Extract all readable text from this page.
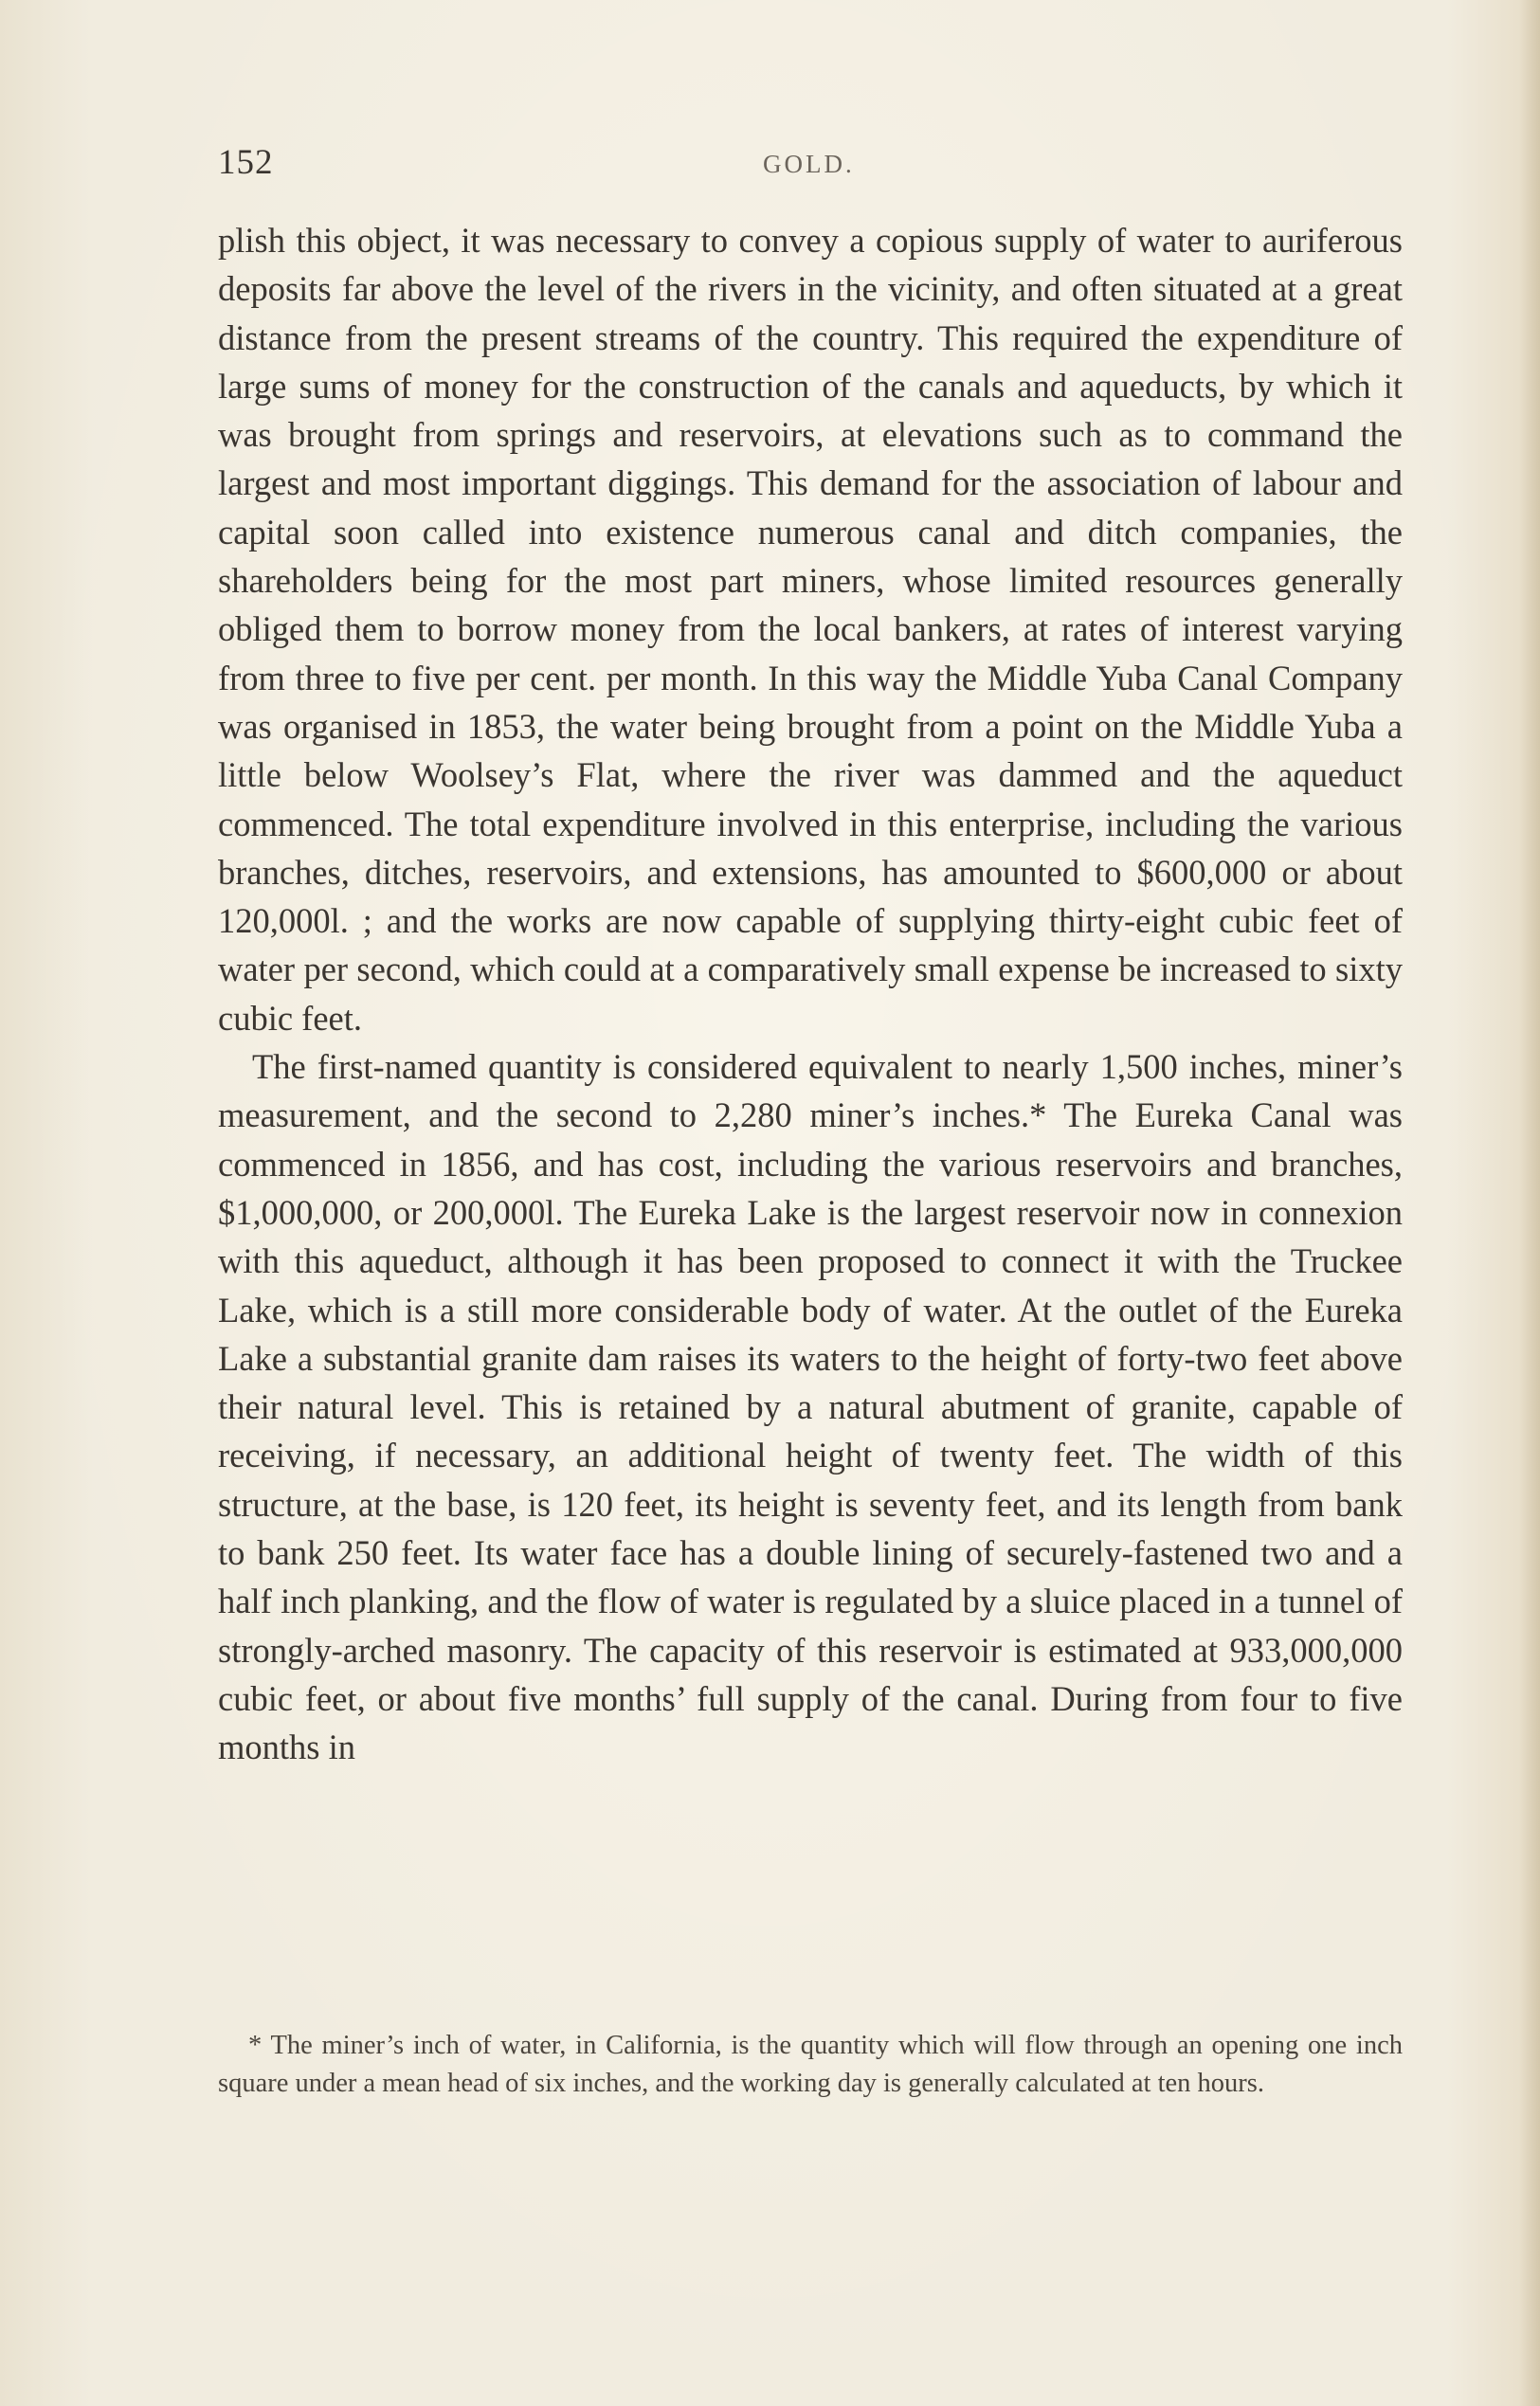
152	GOLD.

plish this object, it was necessary to convey a copious supply of water to auriferous deposits far above the level of the rivers in the vicinity, and often situated at a great distance from the present streams of the country. This required the expenditure of large sums of money for the construction of the canals and aqueducts, by which it was brought from springs and reservoirs, at elevations such as to command the largest and most important diggings. This demand for the association of labour and capital soon called into existence numerous canal and ditch companies, the shareholders being for the most part miners, whose limited resources generally obliged them to borrow money from the local bankers, at rates of interest varying from three to five per cent. per month. In this way the Middle Yuba Canal Company was organised in 1853, the water being brought from a point on the Middle Yuba a little below Woolsey’s Flat, where the river was dammed and the aqueduct commenced. The total expenditure involved in this enterprise, including the various branches, ditches, reservoirs, and extensions, has amounted to $600,000 or about 120,000l. ; and the works are now capable of supplying thirty-eight cubic feet of water per second, which could at a comparatively small expense be increased to sixty cubic feet.

The first-named quantity is considered equivalent to nearly 1,500 inches, miner’s measurement, and the second to 2,280 miner’s inches.* The Eureka Canal was commenced in 1856, and has cost, including the various reservoirs and branches, $1,000,000, or 200,000l. The Eureka Lake is the largest reservoir now in connexion with this aqueduct, although it has been proposed to connect it with the Truckee Lake, which is a still more considerable body of water. At the outlet of the Eureka Lake a substantial granite dam raises its waters to the height of forty-two feet above their natural level. This is retained by a natural abutment of granite, capable of receiving, if necessary, an additional height of twenty feet. The width of this structure, at the base, is 120 feet, its height is seventy feet, and its length from bank to bank 250 feet. Its water face has a double lining of securely-fastened two and a half inch planking, and the flow of water is regulated by a sluice placed in a tunnel of strongly-arched masonry. The capacity of this reservoir is estimated at 933,000,000 cubic feet, or about five months’ full supply of the canal. During from four to five months in

* The miner’s inch of water, in California, is the quantity which will flow through an opening one inch square under a mean head of six inches, and the working day is generally calculated at ten hours.
